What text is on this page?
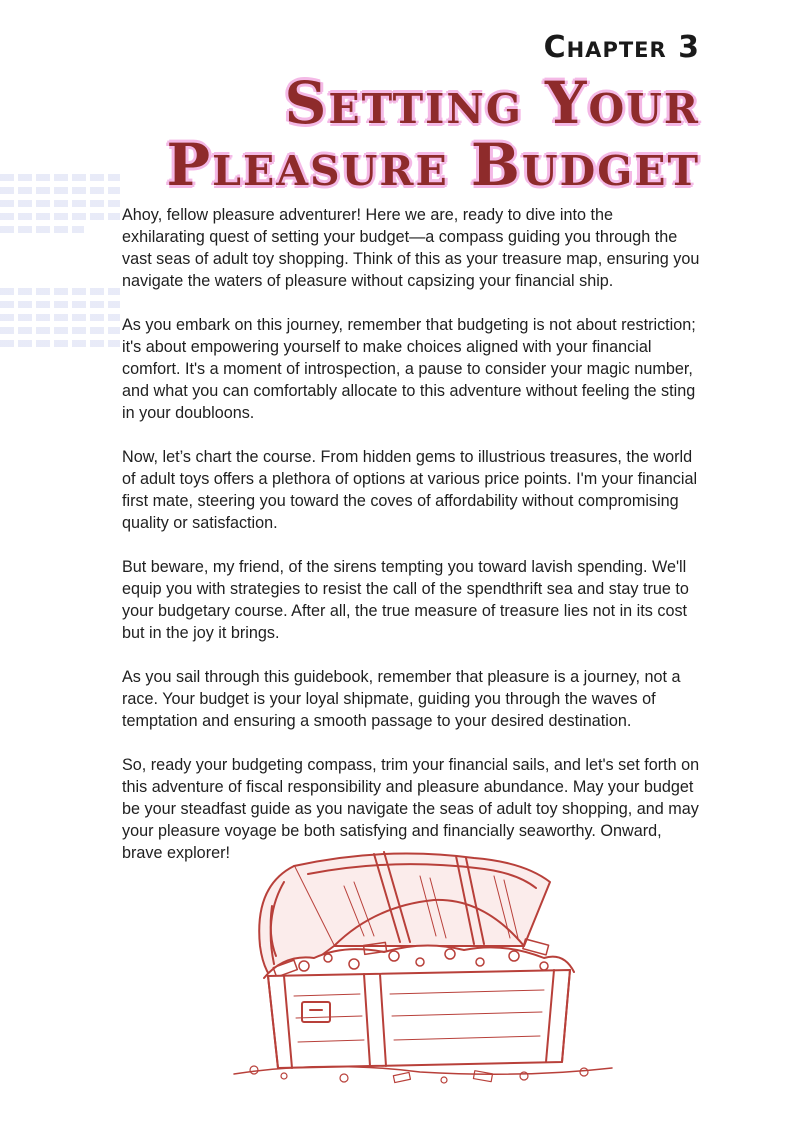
Chapter 3
Setting Your
Pleasure Budget

Ahoy, fellow pleasure adventurer! Here we are, ready to dive into the exhilarating quest of setting your budget—a compass guiding you through the vast seas of adult toy shopping. Think of this as your treasure map, ensuring you navigate the waters of pleasure without capsizing your financial ship.

As you embark on this journey, remember that budgeting is not about restriction; it's about empowering yourself to make choices aligned with your financial comfort. It's a moment of introspection, a pause to consider your magic number, and what you can comfortably allocate to this adventure without feeling the sting in your doubloons.

Now, let’s chart the course. From hidden gems to illustrious treasures, the world of adult toys offers a plethora of options at various price points. I'm your financial first mate, steering you toward the coves of affordability without compromising quality or satisfaction.

But beware, my friend, of the sirens tempting you toward lavish spending. We'll equip you with strategies to resist the call of the spendthrift sea and stay true to your budgetary course. After all, the true measure of treasure lies not in its cost but in the joy it brings.

As you sail through this guidebook, remember that pleasure is a journey, not a race. Your budget is your loyal shipmate, guiding you through the waves of temptation and ensuring a smooth passage to your desired destination.

So, ready your budgeting compass, trim your financial sails, and let's set forth on this adventure of fiscal responsibility and pleasure abundance. May your budget be your steadfast guide as you navigate the seas of adult toy shopping, and may your pleasure voyage be both satisfying and financially seaworthy. Onward, brave explorer!
